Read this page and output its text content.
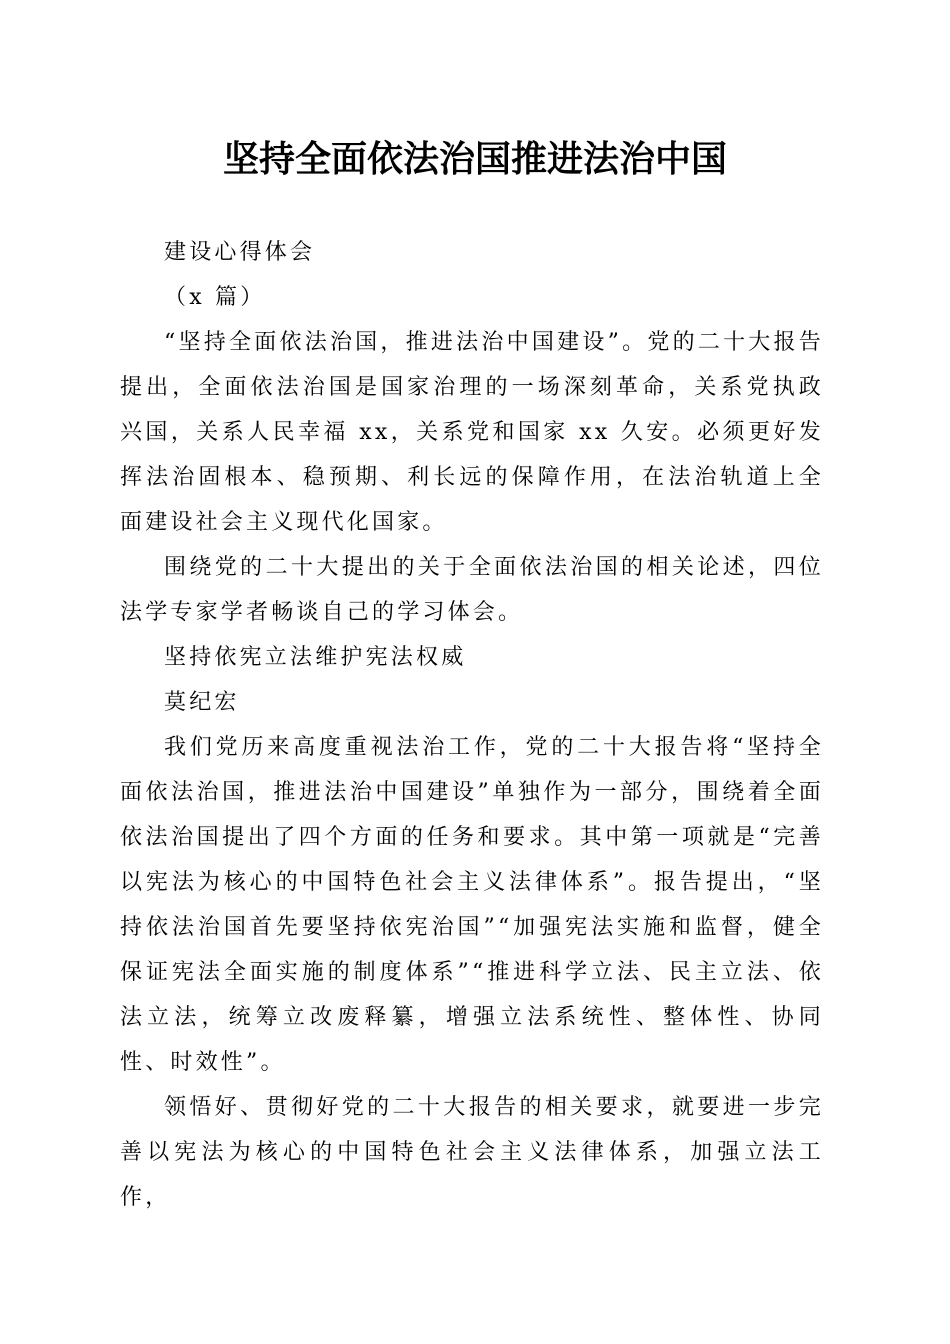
坚持全面依法治国推进法治中国

建设心得体会

（x 篇）

“坚持全面依法治国，推进法治中国建设”。党的二十大报告提出，全面依法治国是国家治理的一场深刻革命，关系党执政兴国，关系人民幸福 xx，关系党和国家 xx 久安。必须更好发挥法治固根本、稳预期、利长远的保障作用，在法治轨道上全面建设社会主义现代化国家。

围绕党的二十大提出的关于全面依法治国的相关论述，四位法学专家学者畅谈自己的学习体会。

坚持依宪立法维护宪法权威

莫纪宏

我们党历来高度重视法治工作，党的二十大报告将“坚持全面依法治国，推进法治中国建设”单独作为一部分，围绕着全面依法治国提出了四个方面的任务和要求。其中第一项就是“完善以宪法为核心的中国特色社会主义法律体系”。报告提出，“坚持依法治国首先要坚持依宪治国”“加强宪法实施和监督，健全保证宪法全面实施的制度体系”“推进科学立法、民主立法、依法立法，统筹立改废释纂，增强立法系统性、整体性、协同性、时效性”。

领悟好、贯彻好党的二十大报告的相关要求，就要进一步完善以宪法为核心的中国特色社会主义法律体系，加强立法工作，
